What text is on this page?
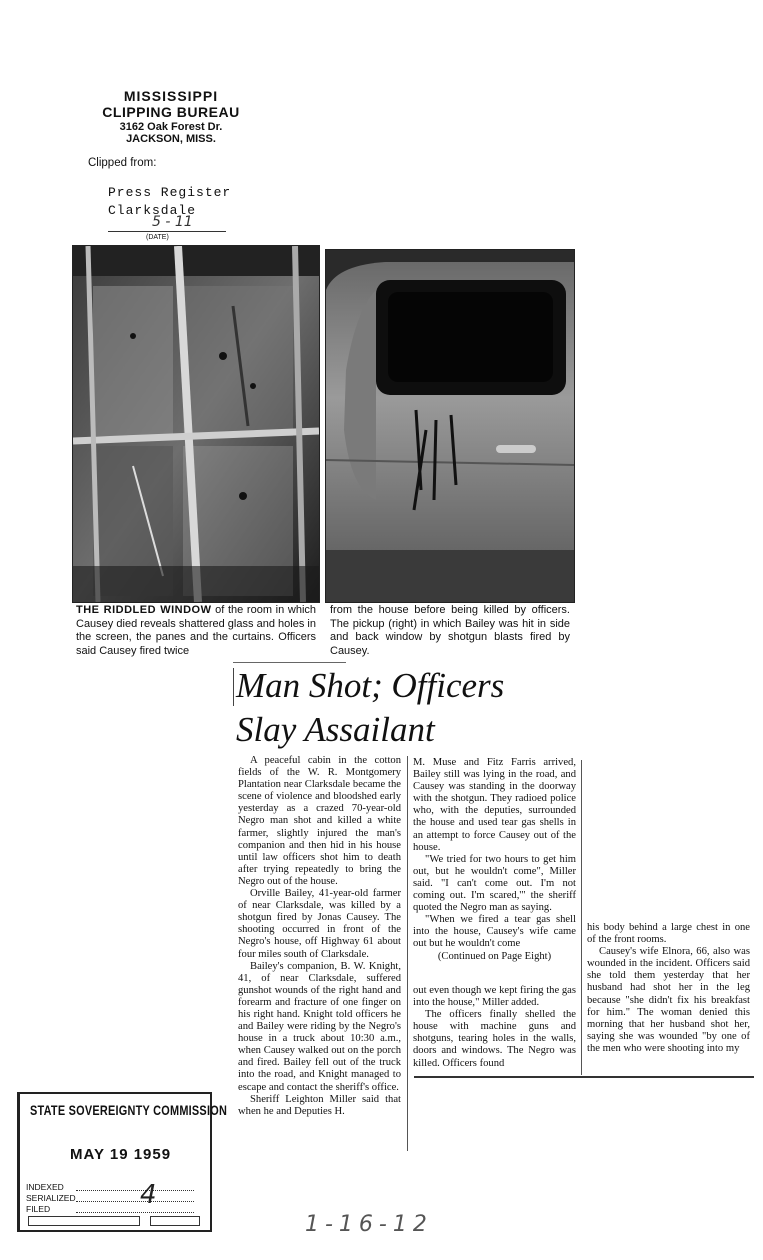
MISSISSIPPI
CLIPPING BUREAU
3162 Oak Forest Dr.
JACKSON, MISS.
Clipped from:
Press Register
Clarksdale
5 - 11
(DATE)
THE RIDDLED WINDOW of the room in which Causey died reveals shattered glass and holes in the screen, the panes and the curtains. Officers said Causey fired twice
from the house before being killed by officers. The pickup (right) in which Bailey was hit in side and back window by shotgun blasts fired by Causey.
Man Shot; Officers
Slay Assailant

A peaceful cabin in the cotton fields of the W. R. Montgomery Plantation near Clarksdale became the scene of violence and bloodshed early yesterday as a crazed 70-year-old Negro man shot and killed a white farmer, slightly injured the man's companion and then hid in his house until law officers shot him to death after trying repeatedly to bring the Negro out of the house.

Orville Bailey, 41-year-old farmer of near Clarksdale, was killed by a shotgun fired by Jonas Causey. The shooting occurred in front of the Negro's house, off Highway 61 about four miles south of Clarksdale.

Bailey's companion, B. W. Knight, 41, of near Clarksdale, suffered gunshot wounds of the right hand and forearm and fracture of one finger on his right hand. Knight told officers he and Bailey were riding by the Negro's house in a truck about 10:30 a.m., when Causey walked out on the porch and fired. Bailey fell out of the truck into the road, and Knight managed to escape and contact the sheriff's office.

Sheriff Leighton Miller said that when he and Deputies H.

M. Muse and Fitz Farris arrived, Bailey still was lying in the road, and Causey was standing in the doorway with the shotgun. They radioed police who, with the deputies, surrounded the house and used tear gas shells in an attempt to force Causey out of the house.

"We tried for two hours to get him out, but he wouldn't come", Miller said. "I can't come out. I'm not coming out. I'm scared,'" the sheriff quoted the Negro man as saying.

"When we fired a tear gas shell into the house, Causey's wife came out but he wouldn't come

(Continued on Page Eight)

out even though we kept firing the gas into the house," Miller added.

The officers finally shelled the house with machine guns and shotguns, tearing holes in the walls, doors and windows. The Negro was killed. Officers found

his body behind a large chest in one of the front rooms.

Causey's wife Elnora, 66, also was wounded in the incident. Officers said she told them yesterday that her husband had shot her in the leg because "she didn't fix his breakfast for him." The woman denied this morning that her husband shot her, saying she was wounded "by one of the men who were shooting into my

STATE SOVEREIGNTY COMMISSION
MAY 19 1959
INDEXED
SERIALIZED
FILED	4
1-16-12
